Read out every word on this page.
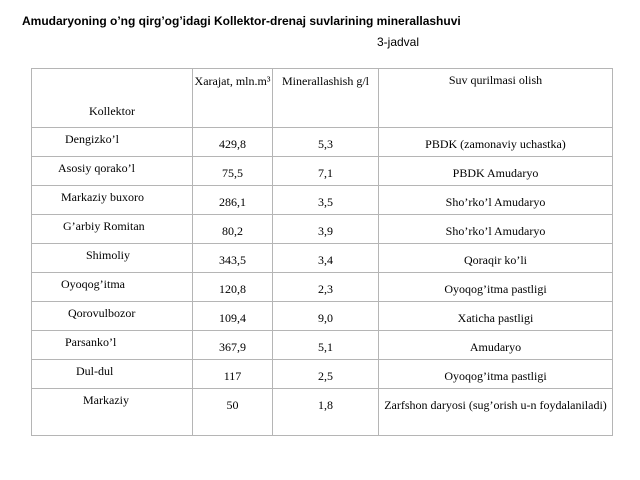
Amudaryoning o’ng qirg’og’idagi Kollektor-drenaj suvlarining minerallashuvi
3-jadval
Kollektor	Xarajat, mln.m³	Minerallashish g/l	Suv qurilmasi olish

Dengizko’l	429,8	5,3	PBDK (zamonaviy uchastka)

Asosiy qorako’l	75,5	7,1	PBDK Amudaryo

Markaziy buxoro	286,1	3,5	Sho’rko’l Amudaryo

G’arbiy Romitan	80,2	3,9	Sho’rko’l Amudaryo

Shimoliy	343,5	3,4	Qoraqir ko’li

Oyoqog’itma	120,8	2,3	Oyoqog’itma pastligi

Qorovulbozor	109,4	9,0	Xaticha pastligi

Parsanko’l	367,9	5,1	Amudaryo

Dul-dul	117	2,5	Oyoqog’itma pastligi

Markaziy	50	1,8	Zarfshon daryosi (sug’orish u-n foydalaniladi)
